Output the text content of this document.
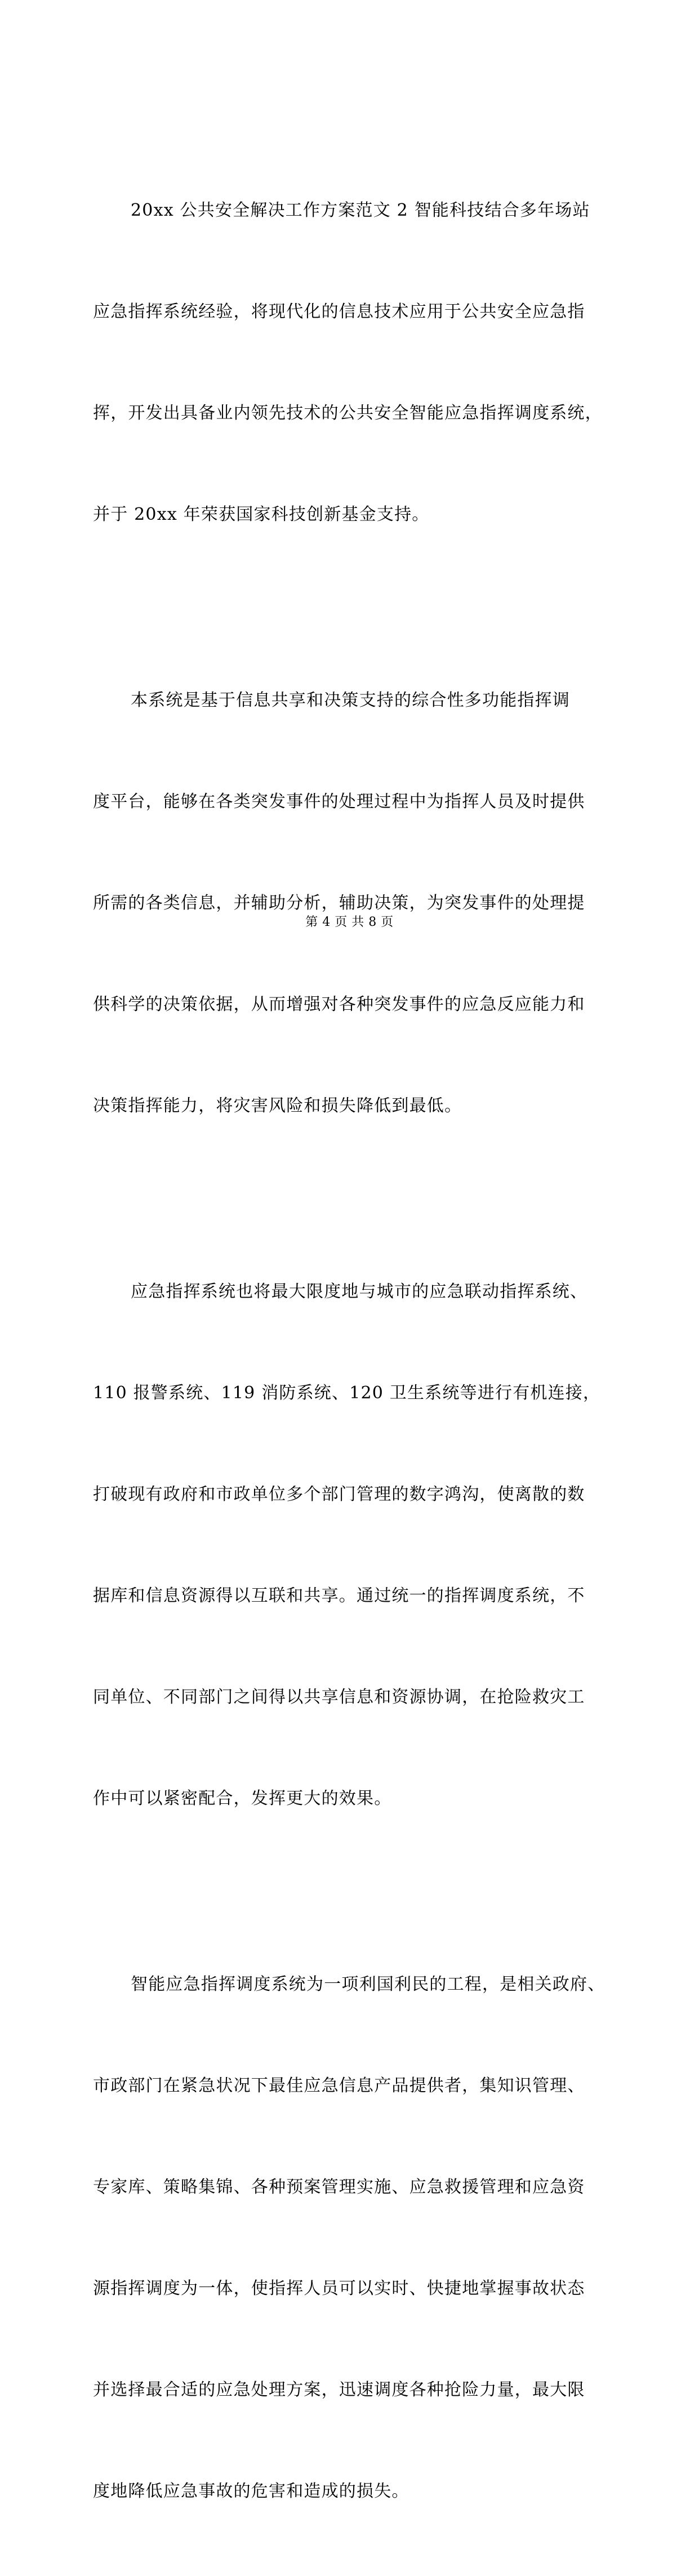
20xx 公共安全解决工作方案范文 2 智能科技结合多年场站

应急指挥系统经验，将现代化的信息技术应用于公共安全应急指

挥，开发出具备业内领先技术的公共安全智能应急指挥调度系统，

并于 20xx 年荣获国家科技创新基金支持。

本系统是基于信息共享和决策支持的综合性多功能指挥调

度平台，能够在各类突发事件的处理过程中为指挥人员及时提供

所需的各类信息，并辅助分析，辅助决策，为突发事件的处理提

供科学的决策依据，从而增强对各种突发事件的应急反应能力和

决策指挥能力，将灾害风险和损失降低到最低。

应急指挥系统也将最大限度地与城市的应急联动指挥系统、

110 报警系统、119 消防系统、120 卫生系统等进行有机连接，

打破现有政府和市政单位多个部门管理的数字鸿沟，使离散的数

据库和信息资源得以互联和共享。通过统一的指挥调度系统，不

同单位、不同部门之间得以共享信息和资源协调，在抢险救灾工

作中可以紧密配合，发挥更大的效果。

智能应急指挥调度系统为一项利国利民的工程，是相关政府、

市政部门在紧急状况下最佳应急信息产品提供者，集知识管理、

专家库、策略集锦、各种预案管理实施、应急救援管理和应急资

源指挥调度为一体，使指挥人员可以实时、快捷地掌握事故状态

并选择最合适的应急处理方案，迅速调度各种抢险力量，最大限

度地降低应急事故的危害和造成的损失。

第 4 页 共 8 页
